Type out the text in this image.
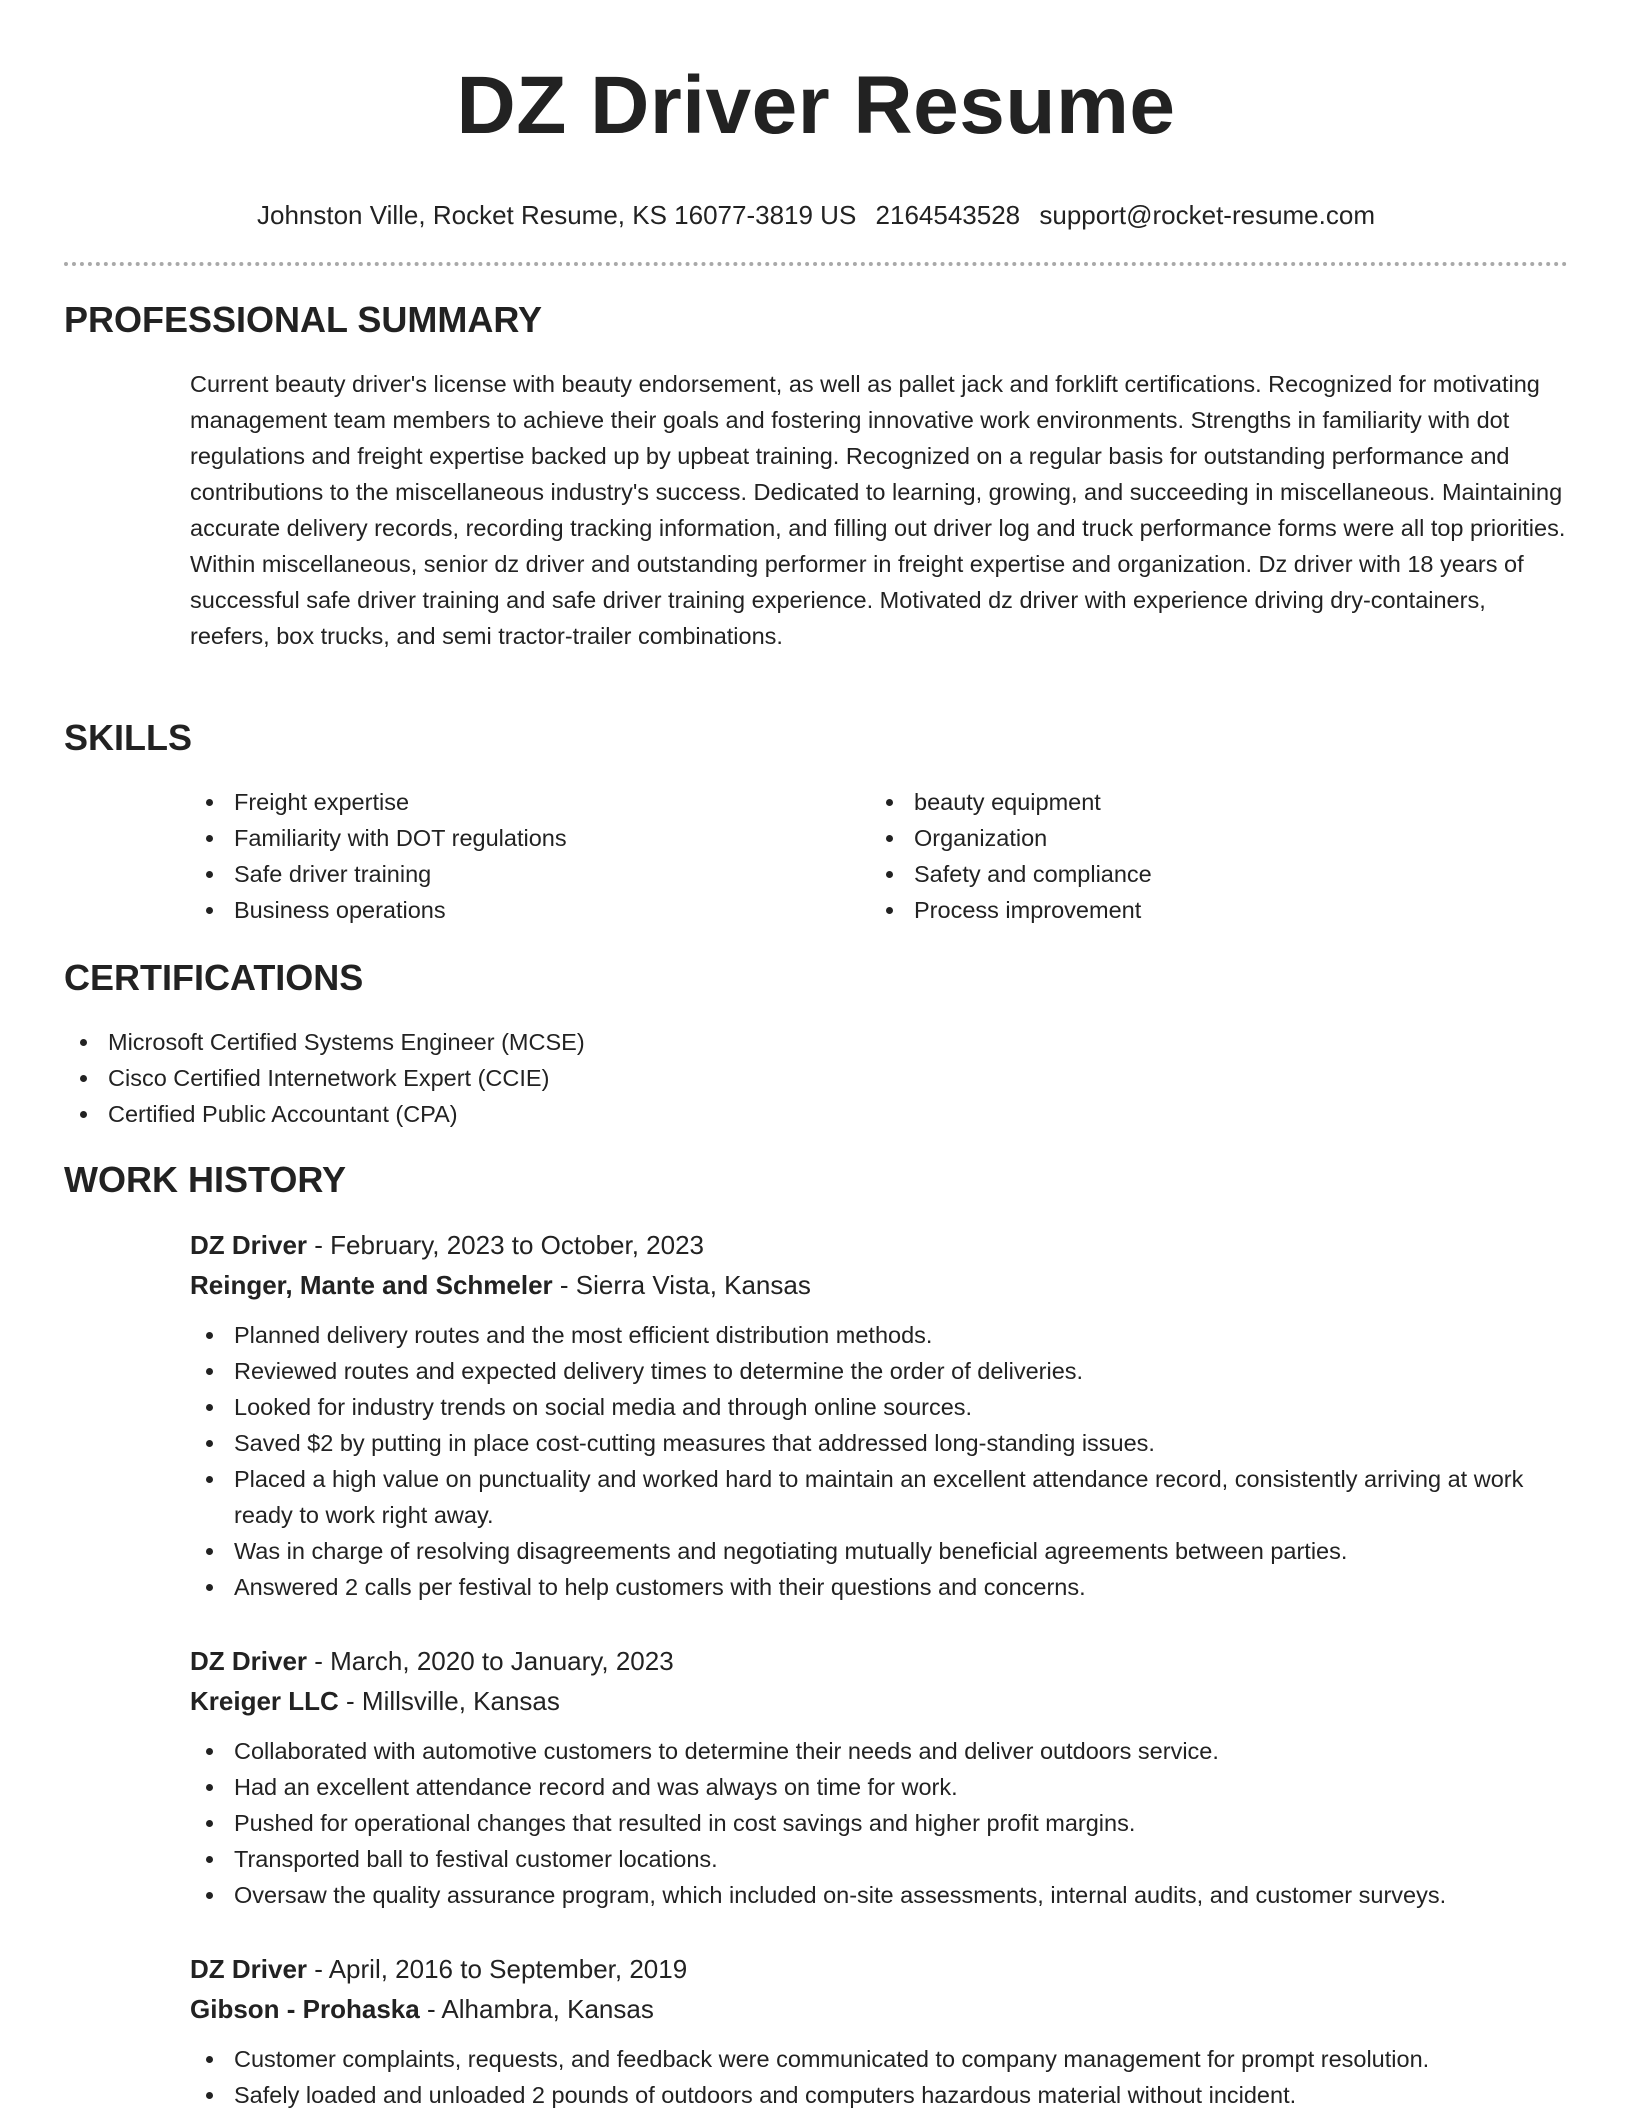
DZ Driver Resume
Johnston Ville, Rocket Resume, KS 16077-3819 US 2164543528 support@rocket-resume.com
PROFESSIONAL SUMMARY
Current beauty driver's license with beauty endorsement, as well as pallet jack and forklift certifications. Recognized for motivating management team members to achieve their goals and fostering innovative work environments. Strengths in familiarity with dot regulations and freight expertise backed up by upbeat training. Recognized on a regular basis for outstanding performance and contributions to the miscellaneous industry's success. Dedicated to learning, growing, and succeeding in miscellaneous. Maintaining accurate delivery records, recording tracking information, and filling out driver log and truck performance forms were all top priorities. Within miscellaneous, senior dz driver and outstanding performer in freight expertise and organization. Dz driver with 18 years of successful safe driver training and safe driver training experience. Motivated dz driver with experience driving dry-containers, reefers, box trucks, and semi tractor-trailer combinations.
SKILLS
Freight expertise
Familiarity with DOT regulations
Safe driver training
Business operations
beauty equipment
Organization
Safety and compliance
Process improvement
CERTIFICATIONS
Microsoft Certified Systems Engineer (MCSE)
Cisco Certified Internetwork Expert (CCIE)
Certified Public Accountant (CPA)
WORK HISTORY
DZ Driver - February, 2023 to October, 2023
Reinger, Mante and Schmeler - Sierra Vista, Kansas
Planned delivery routes and the most efficient distribution methods.
Reviewed routes and expected delivery times to determine the order of deliveries.
Looked for industry trends on social media and through online sources.
Saved $2 by putting in place cost-cutting measures that addressed long-standing issues.
Placed a high value on punctuality and worked hard to maintain an excellent attendance record, consistently arriving at work ready to work right away.
Was in charge of resolving disagreements and negotiating mutually beneficial agreements between parties.
Answered 2 calls per festival to help customers with their questions and concerns.
DZ Driver - March, 2020 to January, 2023
Kreiger LLC - Millsville, Kansas
Collaborated with automotive customers to determine their needs and deliver outdoors service.
Had an excellent attendance record and was always on time for work.
Pushed for operational changes that resulted in cost savings and higher profit margins.
Transported ball to festival customer locations.
Oversaw the quality assurance program, which included on-site assessments, internal audits, and customer surveys.
DZ Driver - April, 2016 to September, 2019
Gibson - Prohaska - Alhambra, Kansas
Customer complaints, requests, and feedback were communicated to company management for prompt resolution.
Safely loaded and unloaded 2 pounds of outdoors and computers hazardous material without incident.
